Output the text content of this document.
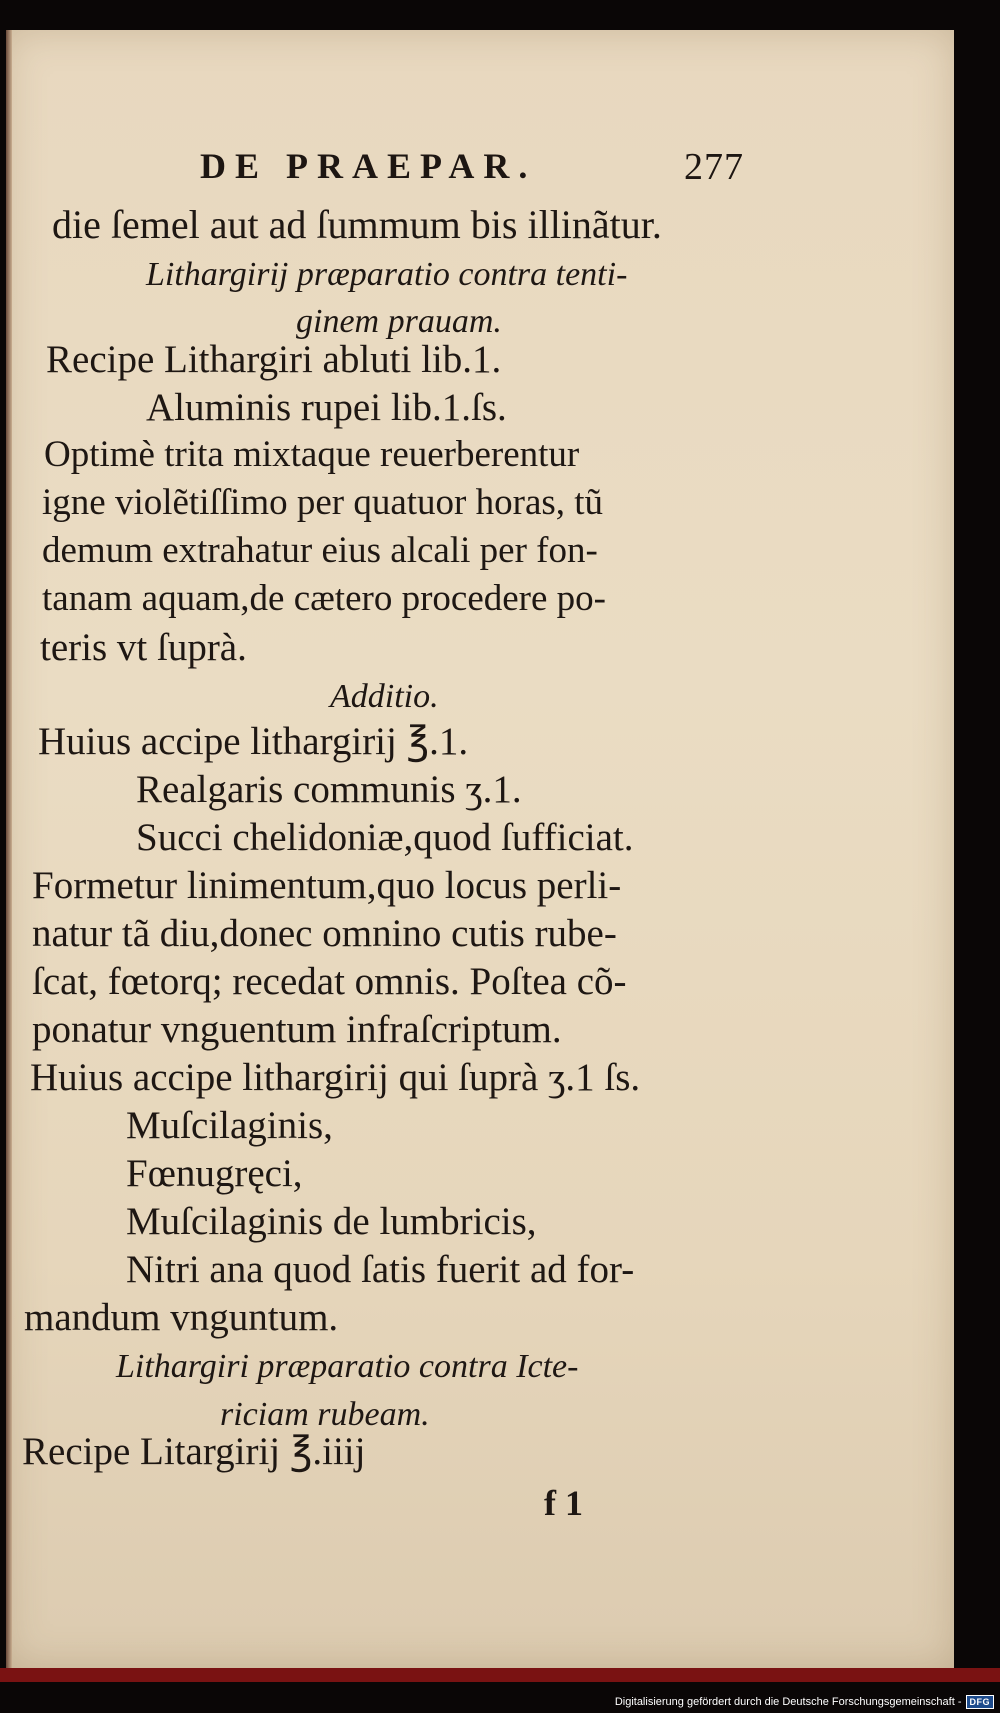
DE PRAEPAR.	277
die ſemel aut ad ſummum bis illinãtur.
Lithargirij præparatio contra tenti-
ginem prauam.
Recipe Lithargiri abluti lib.1.
Aluminis rupei lib.1.ſs.
Optimè trita mixtaque reuerberentur
igne violẽtiſſimo per quatuor horas, tũ
demum extrahatur eius alcali per fon-
tanam aquam,de cætero procedere po-
teris vt ſuprà.
Additio.
Huius accipe lithargirij ℥.1.
Realgaris communis ʒ.1.
Succi chelidoniæ,quod ſufficiat.
Formetur linimentum,quo locus perli-
natur tã diu,donec omnino cutis rube-
ſcat, fœtorq; recedat omnis. Poſtea cõ-
ponatur vnguentum infraſcriptum.
Huius accipe lithargirij qui ſuprà ʒ.1 ſs.
Muſcilaginis,
Fœnugręci,
Muſcilaginis de lumbricis,
Nitri ana quod ſatis fuerit ad for-
mandum vnguntum.
Lithargiri præparatio contra Icte-
riciam rubeam.
Recipe Litargirij ℥.iiij
f 1
Digitalisierung gefördert durch die Deutsche Forschungsgemeinschaft - DFG
